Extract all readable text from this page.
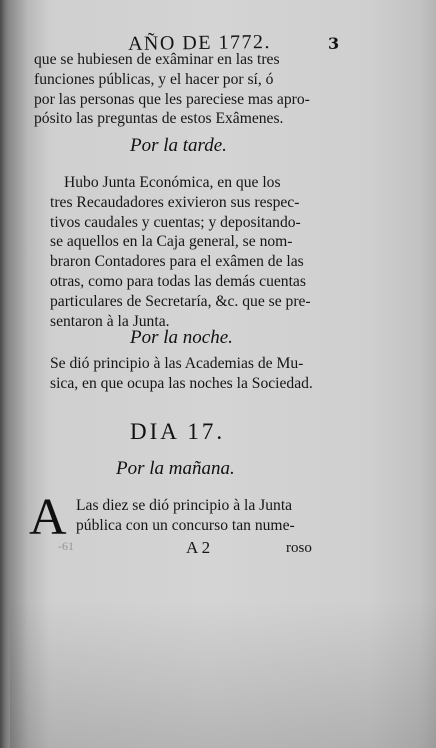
AÑO DE 1772.	3
que se hubiesen de exâminar en las tres
funciones públicas, y el hacer por sí, ó
por las personas que les pareciese mas apro-
pósito las preguntas de estos Exâmenes.
Por la tarde.
Hubo Junta Económica, en que los
tres Recaudadores exivieron sus respec-
tivos caudales y cuentas; y depositando-
se aquellos en la Caja general, se nom-
braron Contadores para el exâmen de las
otras, como para todas las demás cuentas
particulares de Secretaría, &c. que se pre-
sentaron à la Junta.
Por la noche.
Se dió principio à las Academias de Mu-
sica, en que ocupa las noches la Sociedad.
DIA 17.
Por la mañana.
A Las diez se dió principio à la Junta
pública con un concurso tan nume-
-61	A 2	roso
